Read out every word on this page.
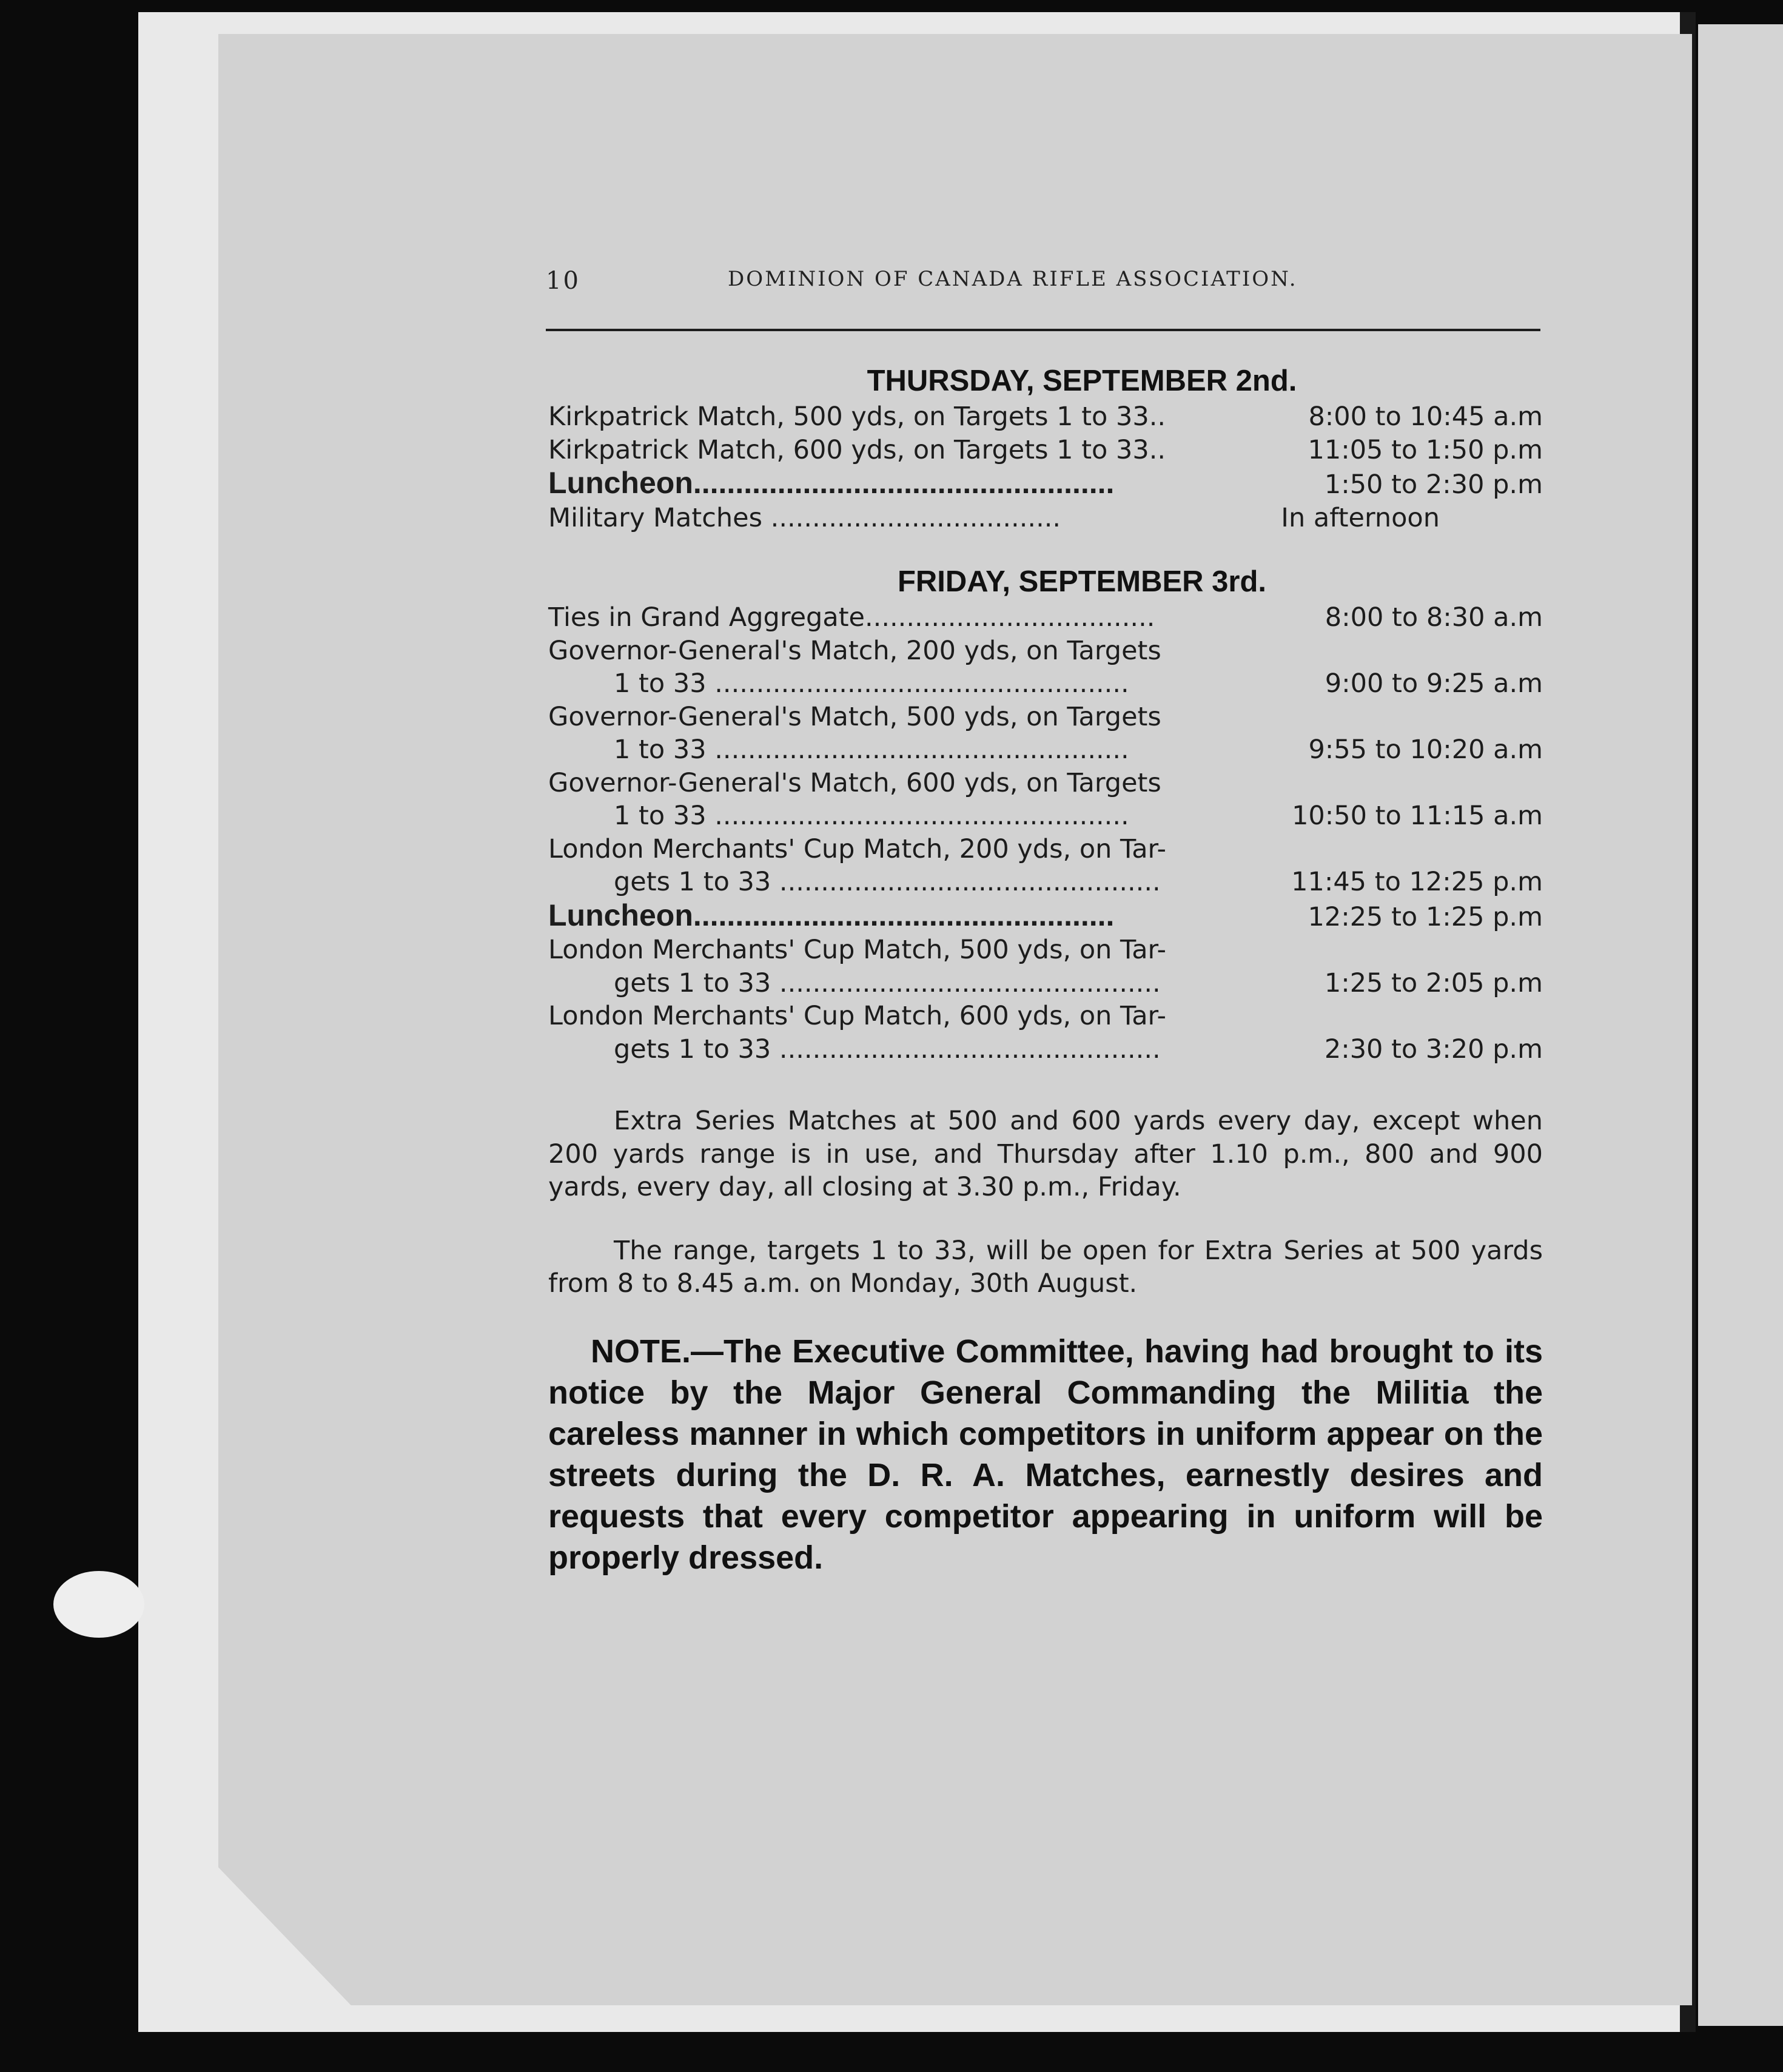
10	DOMINION OF CANADA RIFLE ASSOCIATION.
THURSDAY, SEPTEMBER 2nd.
Kirkpatrick Match, 500 yds, on Targets 1 to 33..	8:00 to 10:45 a.m
Kirkpatrick Match, 600 yds, on Targets 1 to 33..	11:05 to 1:50 p.m
Luncheon..................................................	1:50 to 2:30 p.m
Military Matches ...................................	In afternoon
FRIDAY, SEPTEMBER 3rd.
Ties in Grand Aggregate...................................	8:00 to 8:30 a.m
Governor-General's Match, 200 yds, on Targets
1 to 33 ..................................................	9:00 to 9:25 a.m
Governor-General's Match, 500 yds, on Targets
1 to 33 ..................................................	9:55 to 10:20 a.m
Governor-General's Match, 600 yds, on Targets
1 to 33 ..................................................	10:50 to 11:15 a.m
London Merchants' Cup Match, 200 yds, on Tar-
gets 1 to 33 ..............................................	11:45 to 12:25 p.m
Luncheon..................................................	12:25 to 1:25 p.m
London Merchants' Cup Match, 500 yds, on Tar-
gets 1 to 33 ..............................................	1:25 to 2:05 p.m
London Merchants' Cup Match, 600 yds, on Tar-
gets 1 to 33 ..............................................	2:30 to 3:20 p.m

Extra Series Matches at 500 and 600 yards every day, except when 200 yards range is in use, and Thursday after 1.10 p.m., 800 and 900 yards, every day, all closing at 3.30 p.m., Friday.

The range, targets 1 to 33, will be open for Extra Series at 500 yards from 8 to 8.45 a.m. on Monday, 30th August.

NOTE.—The Executive Committee, having had brought to its notice by the Major General Commanding the Militia the careless manner in which competitors in uniform appear on the streets during the D. R. A. Matches, earnestly desires and requests that every competitor appearing in uniform will be properly dressed.
